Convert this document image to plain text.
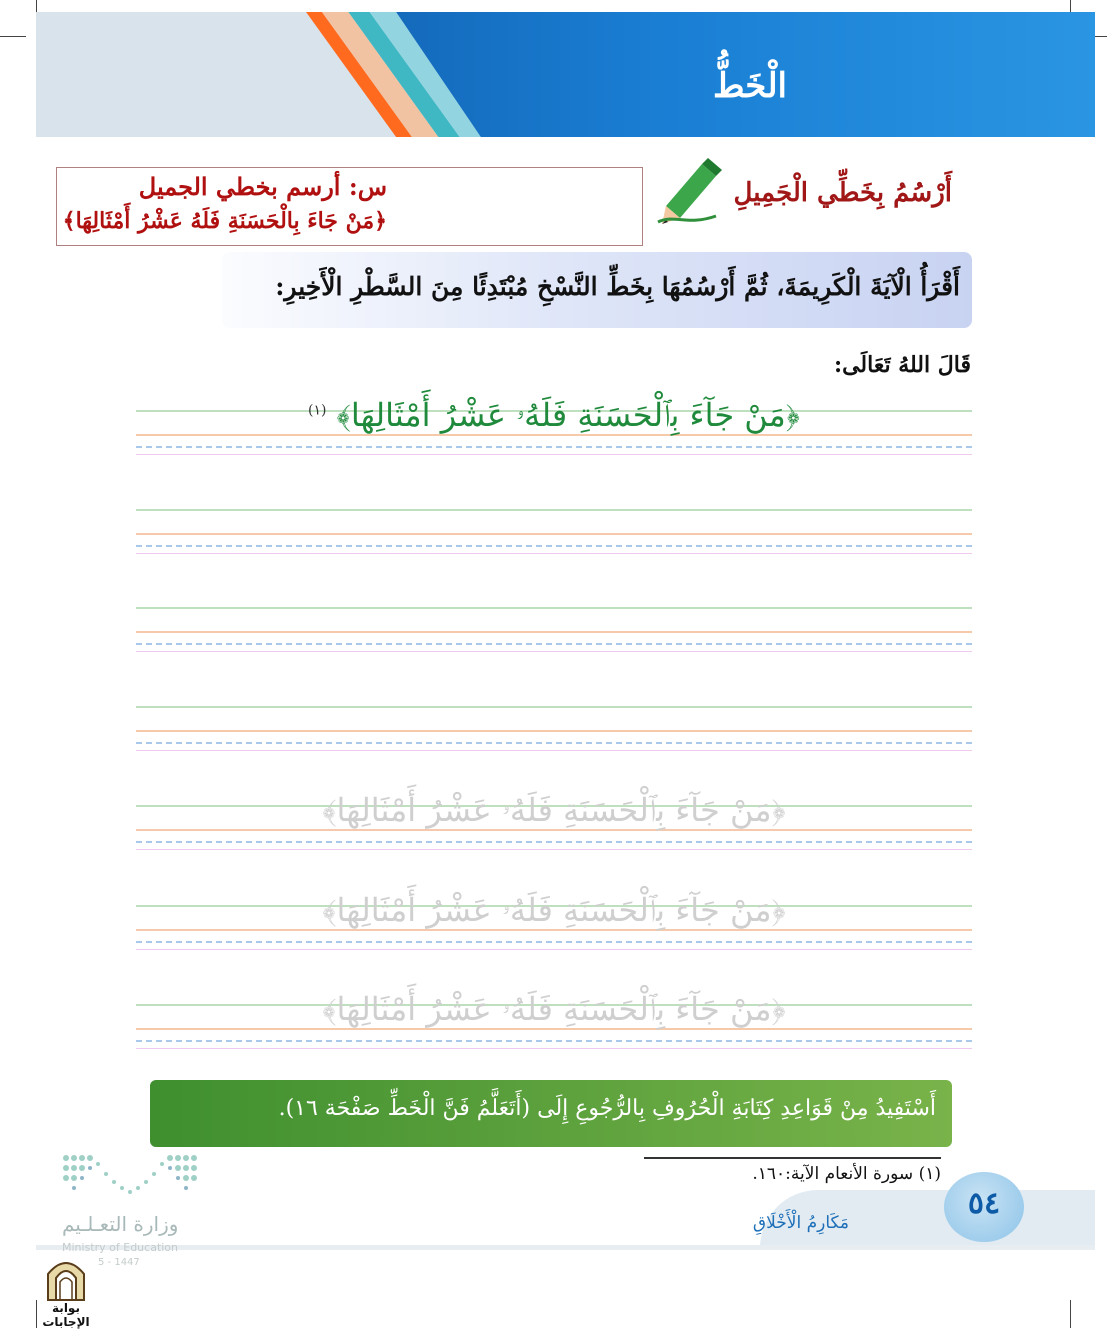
الْخَطُّ
س: أرسم بخطي الجميل
﴿مَنْ جَاءَ بِالْحَسَنَةِ فَلَهُ عَشْرُ أَمْثَالِهَا﴾
أَرْسُمُ بِخَطِّي الْجَمِيلِ
أَقْرَأُ الْآيَةَ الْكَرِيمَةَ، ثُمَّ أَرْسُمُهَا بِخَطِّ النَّسْخِ مُبْتَدِئًا مِنَ السَّطْرِ الْأَخِيرِ:
قَالَ اللهُ تَعَالَى:
﴿مَنْ جَآءَ بِٱلْحَسَنَةِ فَلَهُۥ عَشْرُ أَمْثَالِهَا﴾ $^{(١)}$
﴿مَنْ جَآءَ بِٱلْحَسَنَةِ فَلَهُۥ عَشْرُ أَمْثَالِهَا﴾
﴿مَنْ جَآءَ بِٱلْحَسَنَةِ فَلَهُۥ عَشْرُ أَمْثَالِهَا﴾
﴿مَنْ جَآءَ بِٱلْحَسَنَةِ فَلَهُۥ عَشْرُ أَمْثَالِهَا﴾
أَسْتَفِيدُ مِنْ قَوَاعِدِ كِتَابَةِ الْحُرُوفِ بِالرُّجُوعِ إِلَى (أَتَعَلَّمُ فَنَّ الْخَطِّ صَفْحَة ١٦).
(١) سورة الأنعام الآية:١٦٠.
٥٤
مَكَارِمُ الْأَخْلَاقِ
وزارة التعـلـيم
Ministry of Education
5 - 1447
بوابة الإجابات
